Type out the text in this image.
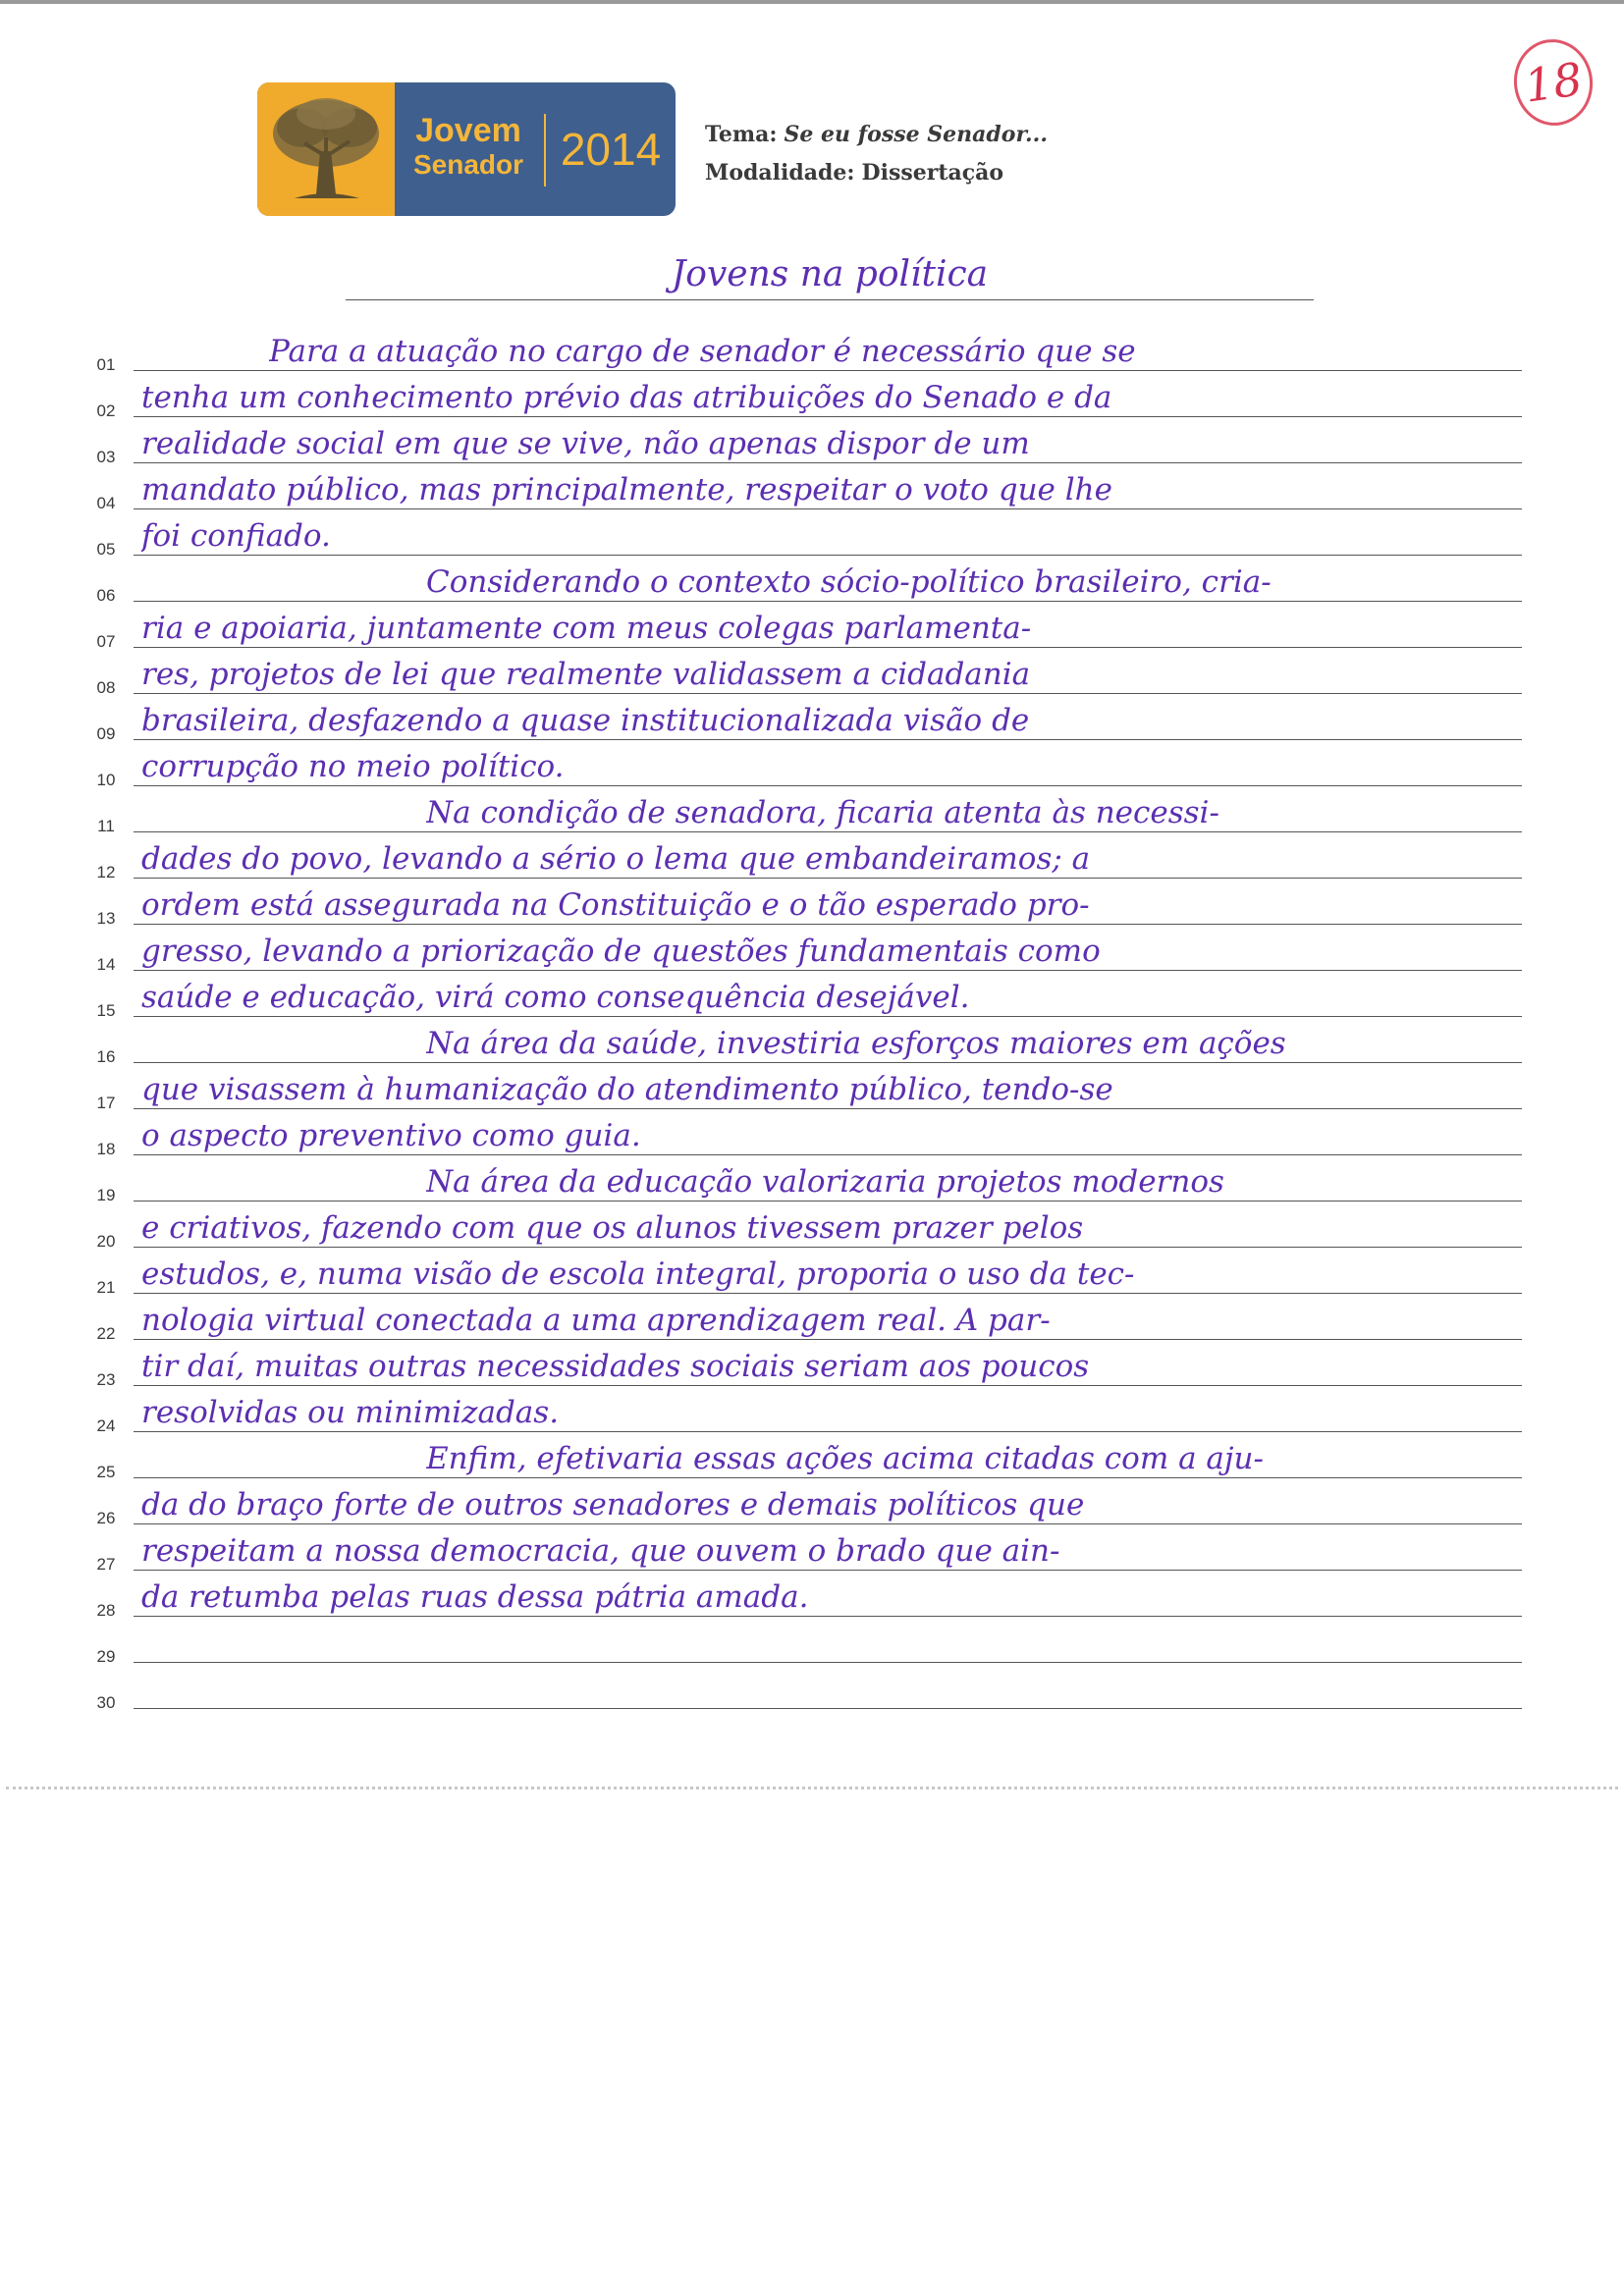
18
Jovem
Senador 2014	Tema: Se eu fosse Senador...
Modalidade: Dissertação
Jovens na política
01	Para a atuação no cargo de senador é necessário que se
02 tenha um conhecimento prévio das atribuições do Senado e da
03 realidade social em que se vive, não apenas dispor de um
04 mandato público, mas principalmente, respeitar o voto que lhe
05 foi confiado.
06	Considerando o contexto sócio-político brasileiro, cria-
07 ria e apoiaria, juntamente com meus colegas parlamenta-
08 res, projetos de lei que realmente validassem a cidadania
09 brasileira, desfazendo a quase institucionalizada visão de
10 corrupção no meio político.
11	Na condição de senadora, ficaria atenta às necessi-
12 dades do povo, levando a sério o lema que embandeiramos; a
13 ordem está assegurada na Constituição e o tão esperado pro-
14 gresso, levando a priorização de questões fundamentais como
15 saúde e educação, virá como consequência desejável.
16	Na área da saúde, investiria esforços maiores em ações
17 que visassem à humanização do atendimento público, tendo-se
18 o aspecto preventivo como guia.
19	Na área da educação valorizaria projetos modernos
20 e criativos, fazendo com que os alunos tivessem prazer pelos
21 estudos, e, numa visão de escola integral, proporia o uso da tec-
22 nologia virtual conectada a uma aprendizagem real. A par-
23 tir daí, muitas outras necessidades sociais seriam aos poucos
24 resolvidas ou minimizadas.
25	Enfim, efetivaria essas ações acima citadas com a aju-
26 da do braço forte de outros senadores e demais políticos que
27 respeitam a nossa democracia, que ouvem o brado que ain-
28 da retumba pelas ruas dessa pátria amada.
29
30
